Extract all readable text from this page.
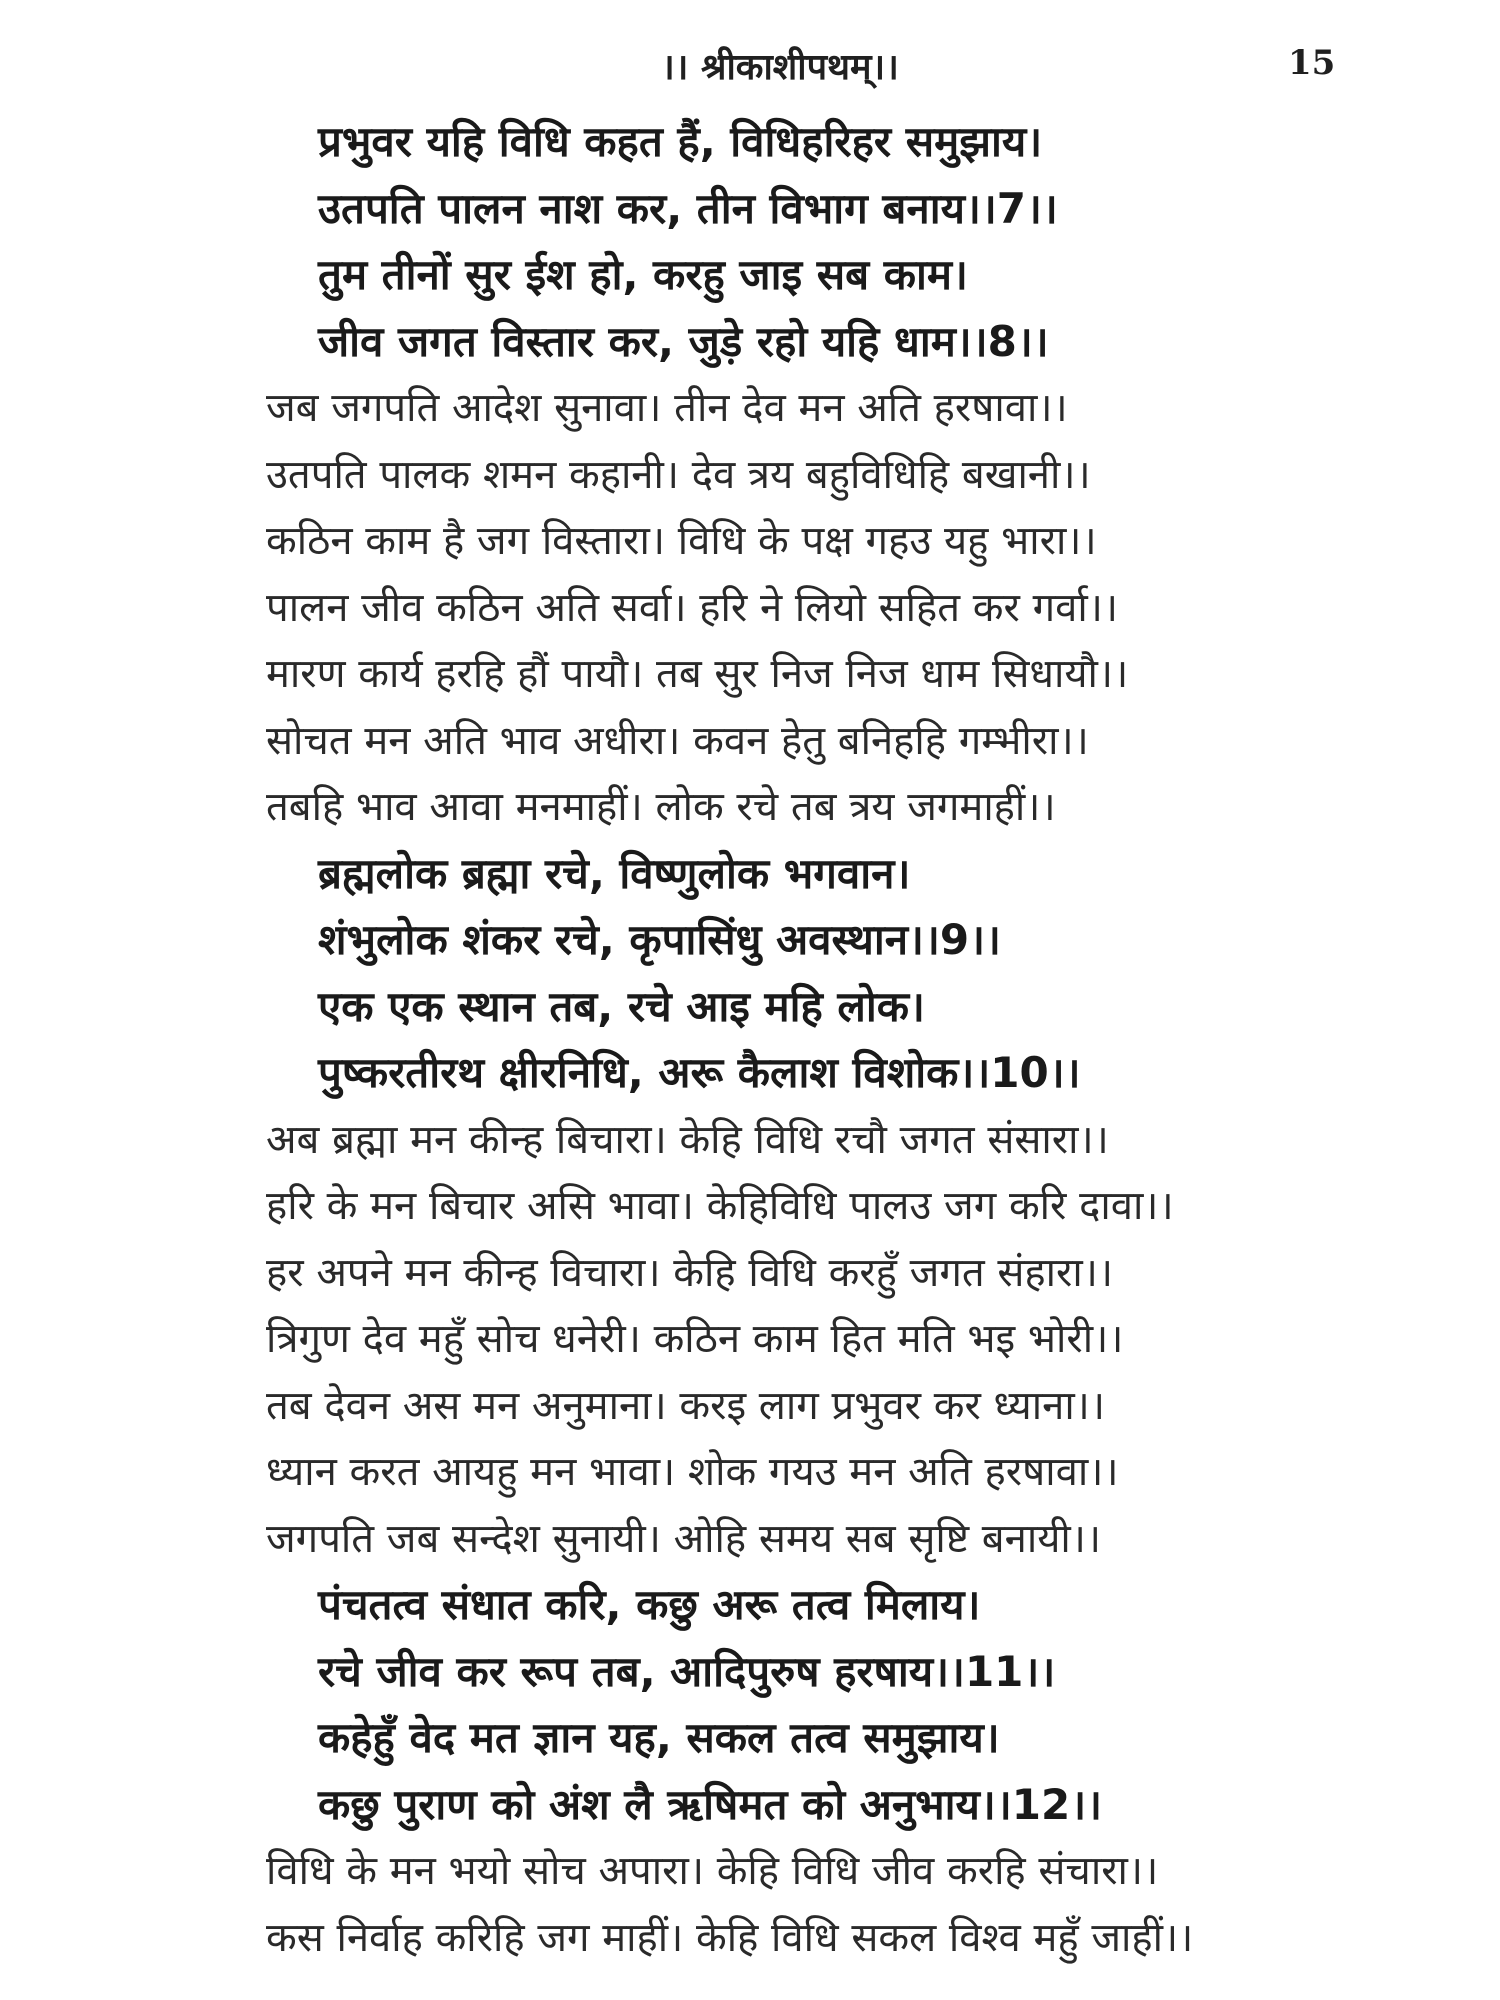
।। श्रीकाशीपथम्।।	15
प्रभुवर यहि विधि कहत हैं, विधिहरिहर समुझाय।
उतपति पालन नाश कर, तीन विभाग बनाय।।7।।
तुम तीनों सुर ईश हो, करहु जाइ सब काम।
जीव जगत विस्तार कर, जुड़े रहो यहि धाम।।8।।
जब जगपति आदेश सुनावा। तीन देव मन अति हरषावा।।
उतपति पालक शमन कहानी। देव त्रय बहुविधिहि बखानी।।
कठिन काम है जग विस्तारा। विधि के पक्ष गहउ यहु भारा।।
पालन जीव कठिन अति सर्वा। हरि ने लियो सहित कर गर्वा।।
मारण कार्य हरहि हौं पायौ। तब सुर निज निज धाम सिधायौ।।
सोचत मन अति भाव अधीरा। कवन हेतु बनिहहि गम्भीरा।।
तबहि भाव आवा मनमाहीं। लोक रचे तब त्रय जगमाहीं।।
ब्रह्मलोक ब्रह्मा रचे, विष्णुलोक भगवान।
शंभुलोक शंकर रचे, कृपासिंधु अवस्थान।।9।।
एक एक स्थान तब, रचे आइ महि लोक।
पुष्करतीरथ क्षीरनिधि, अरू कैलाश विशोक।।10।।
अब ब्रह्मा मन कीन्ह बिचारा। केहि विधि रचौ जगत संसारा।।
हरि के मन बिचार असि भावा। केहिविधि पालउ जग करि दावा।।
हर अपने मन कीन्ह विचारा। केहि विधि करहुँ जगत संहारा।।
त्रिगुण देव महुँ सोच धनेरी। कठिन काम हित मति भइ भोरी।।
तब देवन अस मन अनुमाना। करइ लाग प्रभुवर कर ध्याना।।
ध्यान करत आयहु मन भावा। शोक गयउ मन अति हरषावा।।
जगपति जब सन्देश सुनायी। ओहि समय सब सृष्टि बनायी।।
पंचतत्व संधात करि, कछु अरू तत्व मिलाय।
रचे जीव कर रूप तब, आदिपुरुष हरषाय।।11।।
कहेहुँ वेद मत ज्ञान यह, सकल तत्व समुझाय।
कछु पुराण को अंश लै ऋषिमत को अनुभाय।।12।।
विधि के मन भयो सोच अपारा। केहि विधि जीव करहि संचारा।।
कस निर्वाह करिहि जग माहीं। केहि विधि सकल विश्व महुँ जाहीं।।
